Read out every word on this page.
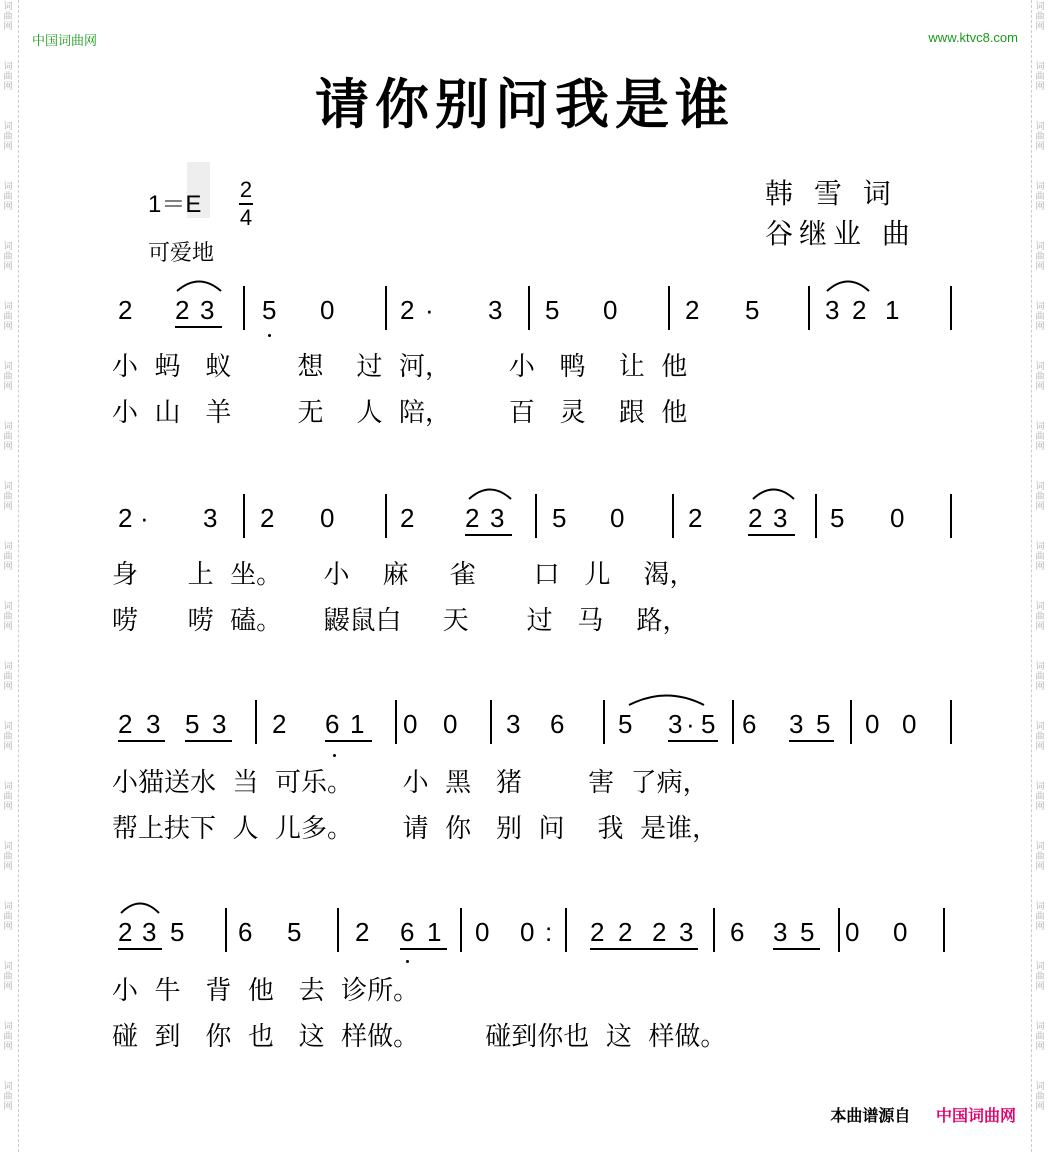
词
曲
网
词
曲
网
词
曲
网
词
曲
网
词
曲
网
词
曲
网
词
曲
网
词
曲
网
词
曲
网
词
曲
网
词
曲
网
词
曲
网
词
曲
网
词
曲
网
词
曲
网
词
曲
网
词
曲
网
词
曲
网
词
曲
网
词
曲
网
词
曲
网
词
曲
网
词
曲
网
词
曲
网
词
曲
网
词
曲
网
词
曲
网
词
曲
网
词
曲
网
词
曲
网
词
曲
网
词
曲
网
词
曲
网
词
曲
网
词
曲
网
词
曲
网
词
曲
网
词
曲
网
中国词曲网	www.ktvc8.com
请你别问我是谁
1＝E
2
4
可爱地
韩 雪 词
谷继业 曲
2 2 3 5 0	2 · 3 5 0	2 5	3 2 1
小  蚂   蚁        想    过  河，       小   鸭    让  他
小  山   羊        无    人  陪，       百   灵    跟  他
2 · 3 2 0	2 2 3 5 0 2 2 3 5 0
身      上  坐。     小    麻     雀       口   儿    渴，
唠      唠  磕。     鼹鼠白     天       过   马    路，
2 3 5 3 2 6 1 0 0 3 6 5 3 · 5 6 3 5 0 0
小猫送水  当  可乐。      小  黑   猪        害  了病，
帮上扶下  人  儿多。      请  你   别  问    我  是谁，
2 3 5 6 5 2 6 1 0 0 : 2 2 2 3 6 3 5 0 0
小  牛   背  他   去  诊所。
碰  到   你  也   这  样做。        碰到你也  这  样做。
本曲谱源自 中国词曲网
